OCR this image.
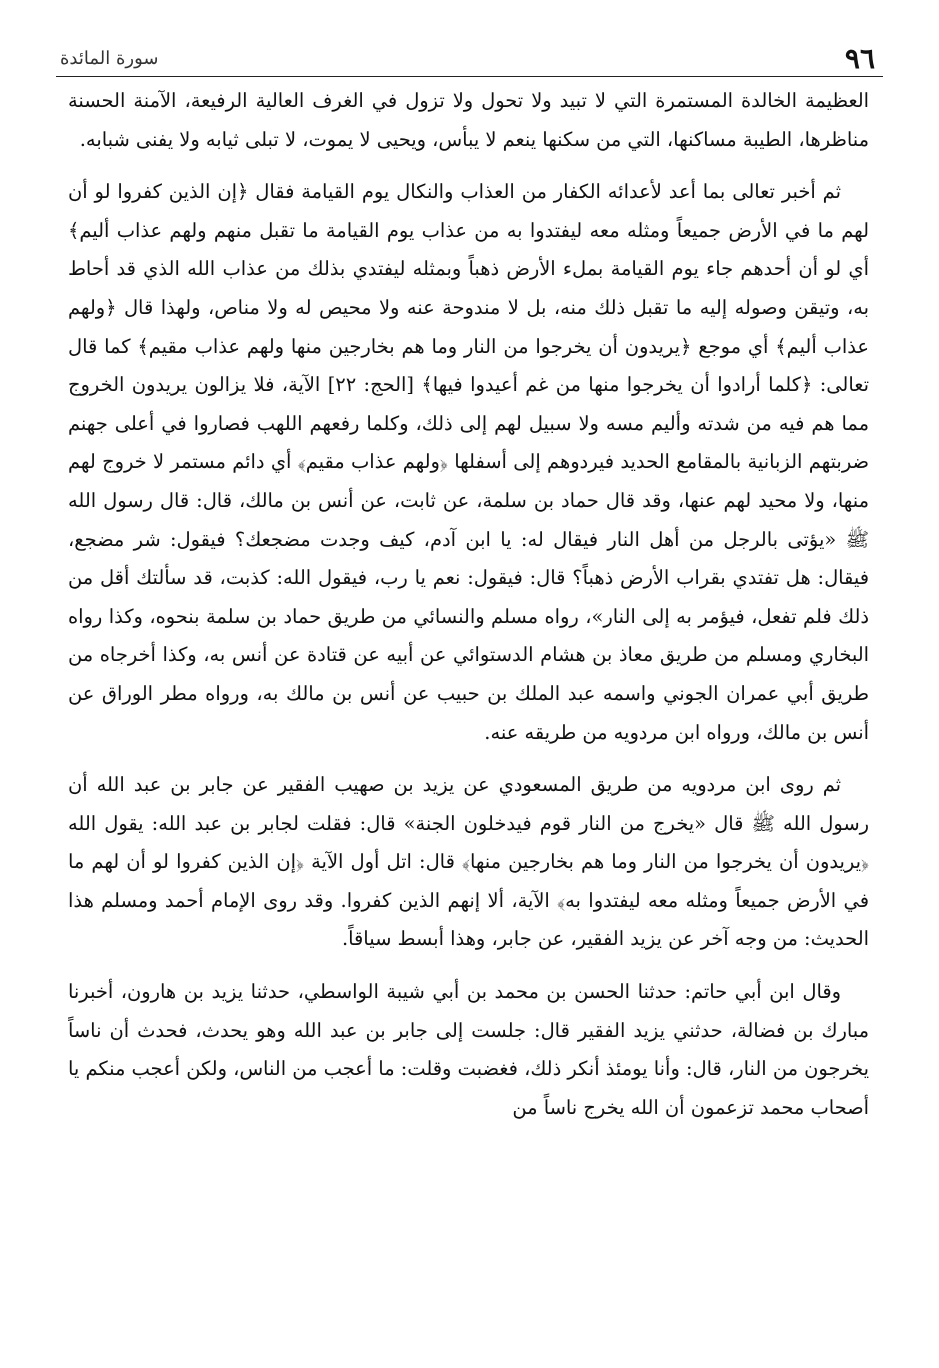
٩٦
سورة المائدة

العظيمة الخالدة المستمرة التي لا تبيد ولا تحول ولا تزول في الغرف العالية الرفيعة، الآمنة الحسنة مناظرها، الطيبة مساكنها، التي من سكنها ينعم لا يبأس، ويحيى لا يموت، لا تبلى ثيابه ولا يفنى شبابه.

ثم أخبر تعالى بما أعد لأعدائه الكفار من العذاب والنكال يوم القيامة فقال ﴿إن الذين كفروا لو أن لهم ما في الأرض جميعاً ومثله معه ليفتدوا به من عذاب يوم القيامة ما تقبل منهم ولهم عذاب أليم﴾ أي لو أن أحدهم جاء يوم القيامة بملء الأرض ذهباً وبمثله ليفتدي بذلك من عذاب الله الذي قد أحاط به، وتيقن وصوله إليه ما تقبل ذلك منه، بل لا مندوحة عنه ولا محيص له ولا مناص، ولهذا قال ﴿ولهم عذاب أليم﴾ أي موجع ﴿يريدون أن يخرجوا من النار وما هم بخارجين منها ولهم عذاب مقيم﴾ كما قال تعالى: ﴿كلما أرادوا أن يخرجوا منها من غم أعيدوا فيها﴾ [الحج: ٢٢] الآية، فلا يزالون يريدون الخروج مما هم فيه من شدته وأليم مسه ولا سبيل لهم إلى ذلك، وكلما رفعهم اللهب فصاروا في أعلى جهنم ضربتهم الزبانية بالمقامع الحديد فيردوهم إلى أسفلها ﴿ولهم عذاب مقيم﴾ أي دائم مستمر لا خروج لهم منها، ولا محيد لهم عنها، وقد قال حماد بن سلمة، عن ثابت، عن أنس بن مالك، قال: قال رسول الله ﷺ «يؤتى بالرجل من أهل النار فيقال له: يا ابن آدم، كيف وجدت مضجعك؟ فيقول: شر مضجع، فيقال: هل تفتدي بقراب الأرض ذهباً؟ قال: فيقول: نعم يا رب، فيقول الله: كذبت، قد سألتك أقل من ذلك فلم تفعل، فيؤمر به إلى النار»، رواه مسلم والنسائي من طريق حماد بن سلمة بنحوه، وكذا رواه البخاري ومسلم من طريق معاذ بن هشام الدستوائي عن أبيه عن قتادة عن أنس به، وكذا أخرجاه من طريق أبي عمران الجوني واسمه عبد الملك بن حبيب عن أنس بن مالك به، ورواه مطر الوراق عن أنس بن مالك، ورواه ابن مردويه من طريقه عنه.

ثم روى ابن مردويه من طريق المسعودي عن يزيد بن صهيب الفقير عن جابر بن عبد الله أن رسول الله ﷺ قال «يخرج من النار قوم فيدخلون الجنة» قال: فقلت لجابر بن عبد الله: يقول الله ﴿يريدون أن يخرجوا من النار وما هم بخارجين منها﴾ قال: اتل أول الآية ﴿إن الذين كفروا لو أن لهم ما في الأرض جميعاً ومثله معه ليفتدوا به﴾ الآية، ألا إنهم الذين كفروا. وقد روى الإمام أحمد ومسلم هذا الحديث: من وجه آخر عن يزيد الفقير، عن جابر، وهذا أبسط سياقاً.

وقال ابن أبي حاتم: حدثنا الحسن بن محمد بن أبي شيبة الواسطي، حدثنا يزيد بن هارون، أخبرنا مبارك بن فضالة، حدثني يزيد الفقير قال: جلست إلى جابر بن عبد الله وهو يحدث، فحدث أن ناساً يخرجون من النار، قال: وأنا يومئذ أنكر ذلك، فغضبت وقلت: ما أعجب من الناس، ولكن أعجب منكم يا أصحاب محمد تزعمون أن الله يخرج ناساً من
